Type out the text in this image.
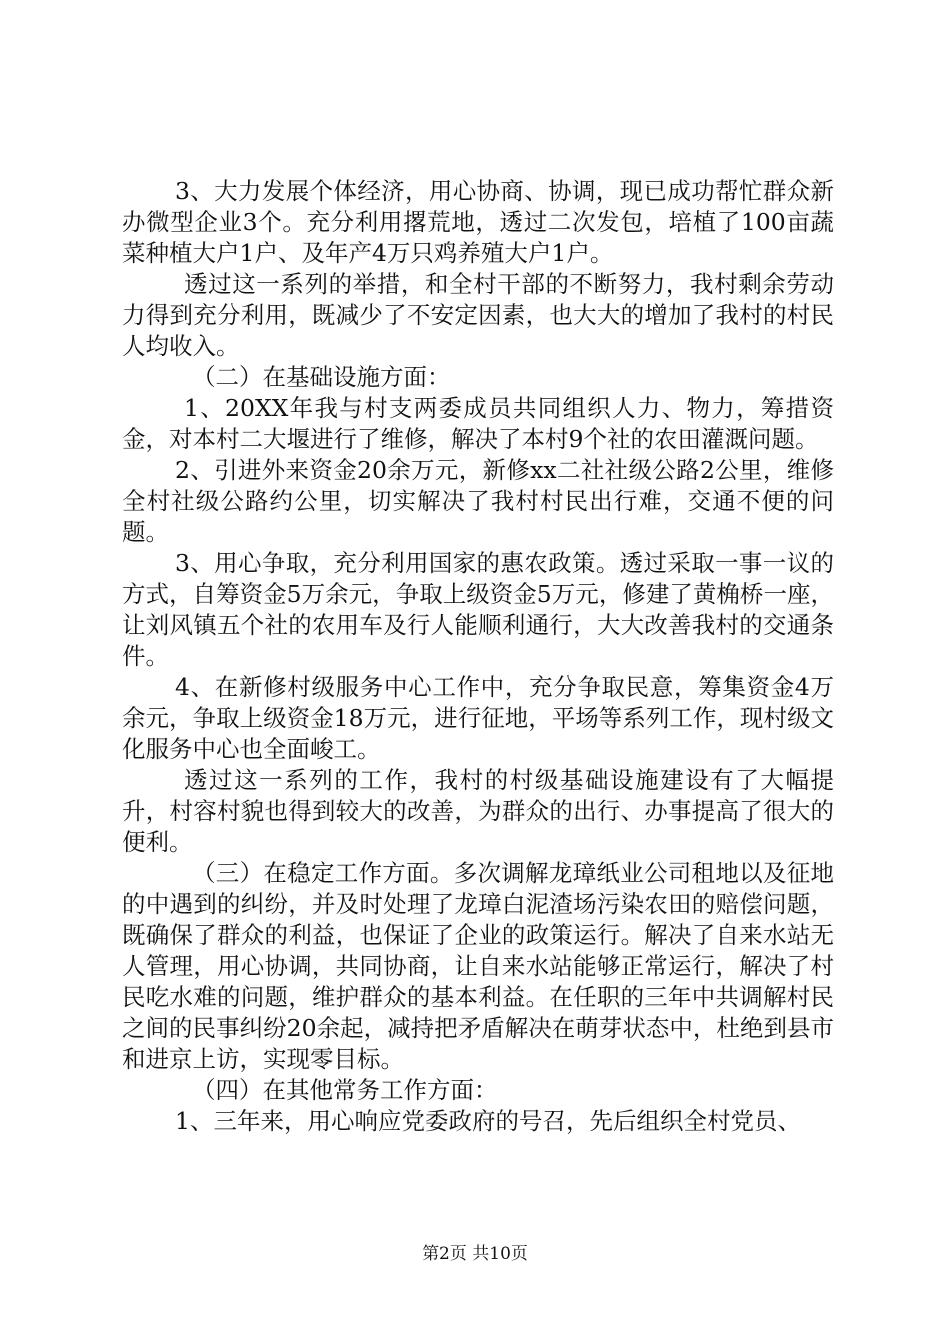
3、大力发展个体经济，用心协商、协调，现已成功帮忙群众新办微型企业3个。充分利用撂荒地，透过二次发包，培植了100亩蔬菜种植大户1户、及年产4万只鸡养殖大户1户。

透过这一系列的举措，和全村干部的不断努力，我村剩余劳动力得到充分利用，既减少了不安定因素，也大大的增加了我村的村民人均收入。

（二）在基础设施方面：

1、20XX年我与村支两委成员共同组织人力、物力，筹措资金，对本村二大堰进行了维修，解决了本村9个社的农田灌溉问题。

2、引进外来资金20余万元，新修xx二社社级公路2公里，维修全村社级公路约公里，切实解决了我村村民出行难，交通不便的问题。

3、用心争取，充分利用国家的惠农政策。透过采取一事一议的方式，自筹资金5万余元，争取上级资金5万元，修建了黄桷桥一座，让刘风镇五个社的农用车及行人能顺利通行，大大改善我村的交通条件。

4、在新修村级服务中心工作中，充分争取民意，筹集资金4万余元，争取上级资金18万元，进行征地，平场等系列工作，现村级文化服务中心也全面峻工。

透过这一系列的工作，我村的村级基础设施建设有了大幅提升，村容村貌也得到较大的改善，为群众的出行、办事提高了很大的便利。

（三）在稳定工作方面。多次调解龙璋纸业公司租地以及征地的中遇到的纠纷，并及时处理了龙璋白泥渣场污染农田的赔偿问题，既确保了群众的利益，也保证了企业的政策运行。解决了自来水站无人管理，用心协调，共同协商，让自来水站能够正常运行，解决了村民吃水难的问题，维护群众的基本利益。在任职的三年中共调解村民之间的民事纠纷20余起，减持把矛盾解决在萌芽状态中，杜绝到县市和进京上访，实现零目标。

（四）在其他常务工作方面：

1、三年来，用心响应党委政府的号召，先后组织全村党员、

第2页 共10页
